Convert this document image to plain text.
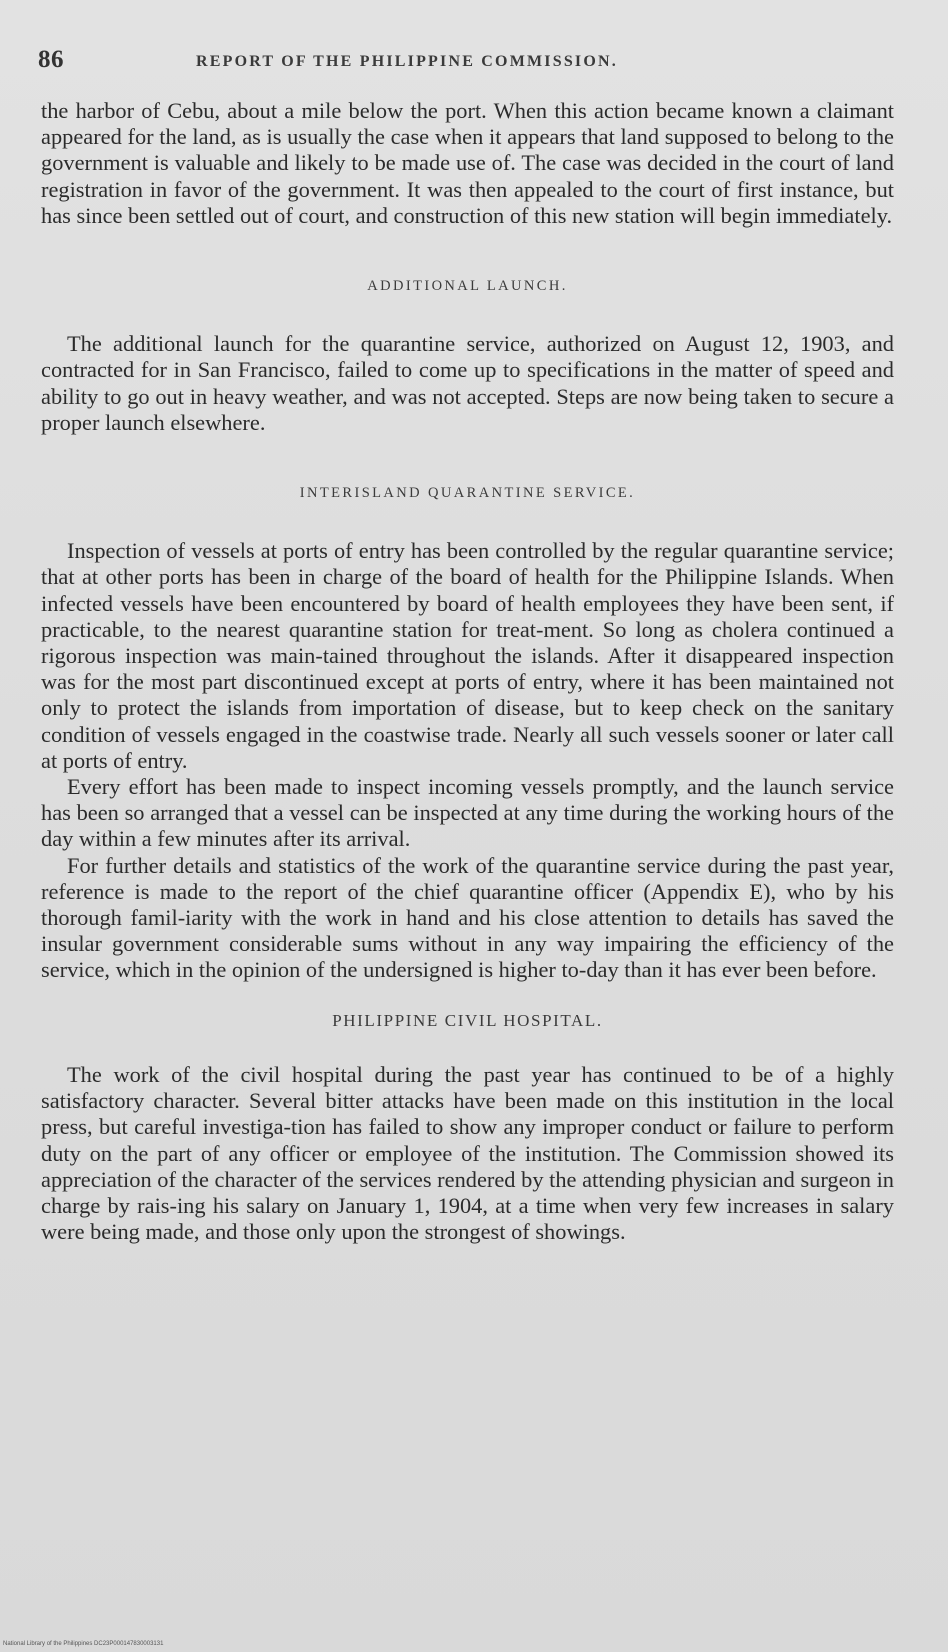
86	REPORT OF THE PHILIPPINE COMMISSION.

the harbor of Cebu, about a mile below the port. When this action became known a claimant appeared for the land, as is usually the case when it appears that land supposed to belong to the government is valuable and likely to be made use of. The case was decided in the court of land registration in favor of the government. It was then appealed to the court of first instance, but has since been settled out of court, and construction of this new station will begin immediately.

ADDITIONAL LAUNCH.

The additional launch for the quarantine service, authorized on August 12, 1903, and contracted for in San Francisco, failed to come up to specifications in the matter of speed and ability to go out in heavy weather, and was not accepted. Steps are now being taken to secure a proper launch elsewhere.

INTERISLAND QUARANTINE SERVICE.

Inspection of vessels at ports of entry has been controlled by the regular quarantine service; that at other ports has been in charge of the board of health for the Philippine Islands. When infected vessels have been encountered by board of health employees they have been sent, if practicable, to the nearest quarantine station for treat-ment. So long as cholera continued a rigorous inspection was main-tained throughout the islands. After it disappeared inspection was for the most part discontinued except at ports of entry, where it has been maintained not only to protect the islands from importation of disease, but to keep check on the sanitary condition of vessels engaged in the coastwise trade. Nearly all such vessels sooner or later call at ports of entry.

Every effort has been made to inspect incoming vessels promptly, and the launch service has been so arranged that a vessel can be inspected at any time during the working hours of the day within a few minutes after its arrival.

For further details and statistics of the work of the quarantine service during the past year, reference is made to the report of the chief quarantine officer (Appendix E), who by his thorough famil-iarity with the work in hand and his close attention to details has saved the insular government considerable sums without in any way impairing the efficiency of the service, which in the opinion of the undersigned is higher to-day than it has ever been before.

PHILIPPINE CIVIL HOSPITAL.

The work of the civil hospital during the past year has continued to be of a highly satisfactory character. Several bitter attacks have been made on this institution in the local press, but careful investiga-tion has failed to show any improper conduct or failure to perform duty on the part of any officer or employee of the institution. The Commission showed its appreciation of the character of the services rendered by the attending physician and surgeon in charge by rais-ing his salary on January 1, 1904, at a time when very few increases in salary were being made, and those only upon the strongest of showings.

National Library of the Philippines DC23P000147830003131
